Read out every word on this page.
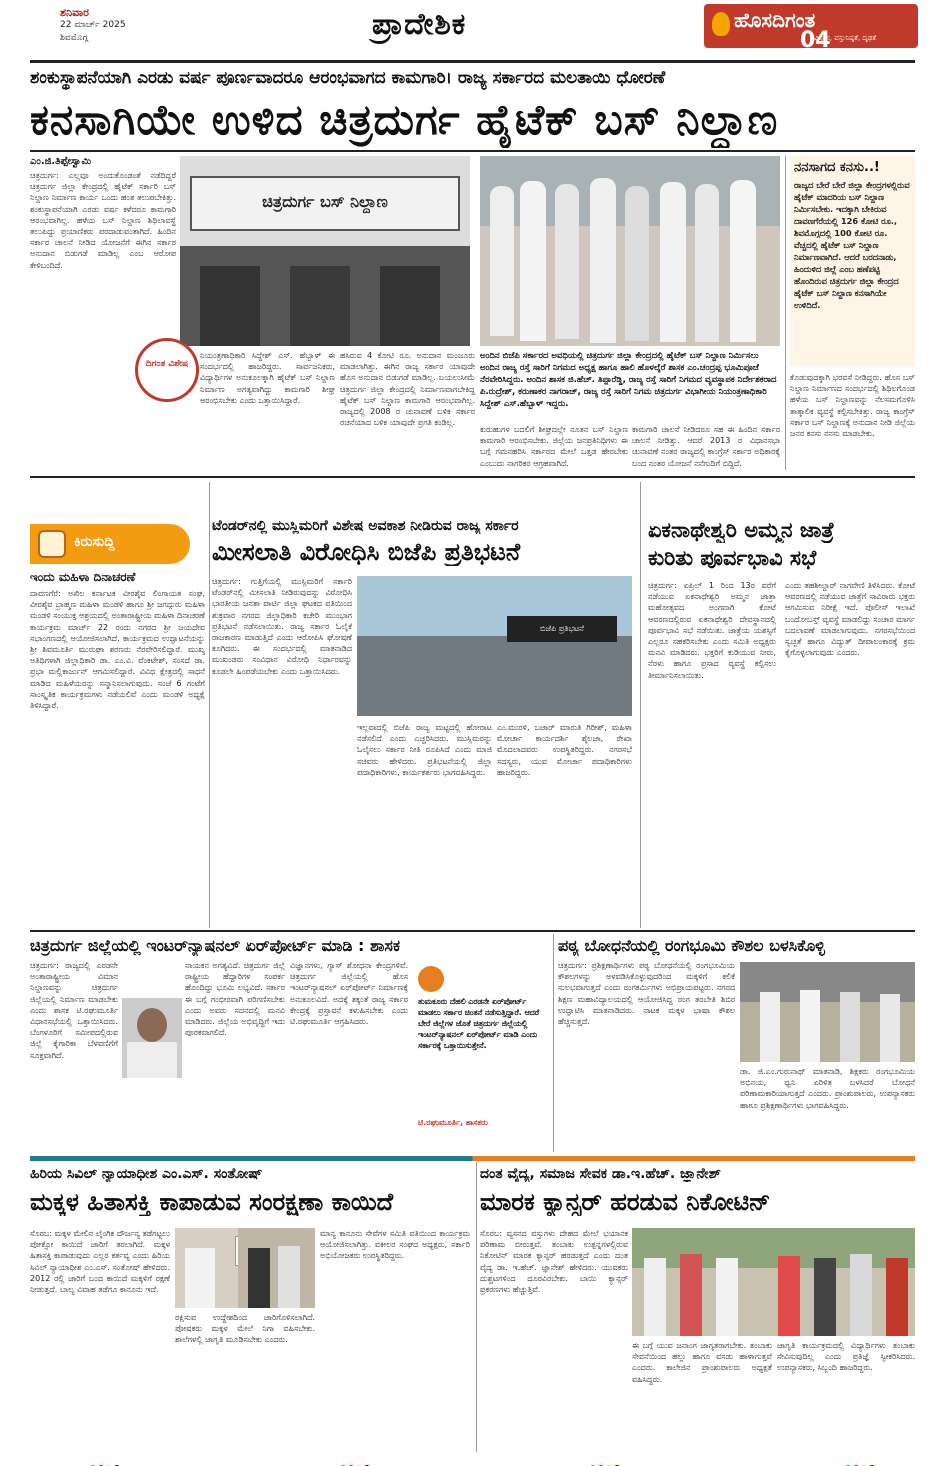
ಶನಿವಾರ
22 ಮಾರ್ಚ್ 2025
ಶಿವಮೊಗ್ಗ	ಪ್ರಾದೇಶಿಕ	ಹೊಸದಿಗಂತ
04
ವಿಶ್ವಾಸ, ವಸ್ತುನಿಷ್ಠತೆ, ದೃಢತೆ
ಶಂಕುಸ್ಥಾಪನೆಯಾಗಿ ಎರಡು ವರ್ಷ ಪೂರ್ಣವಾದರೂ ಆರಂಭವಾಗದ ಕಾಮಗಾರಿ। ರಾಜ್ಯ ಸರ್ಕಾರದ ಮಲತಾಯಿ ಧೋರಣೆ
ಕನಸಾಗಿಯೇ ಉಳಿದ ಚಿತ್ರದುರ್ಗ ಹೈಟೆಕ್ ಬಸ್ ನಿಲ್ದಾಣ
ಎಂ.ಜಿ.ತಿಪ್ಪೇಸ್ವಾಮಿ
ಚಿತ್ರದುರ್ಗ: ಎಲ್ಲವೂ ಅಂದುಕೊಂಡಂತೆ ನಡೆದಿದ್ದರೆ ಚಿತ್ರದುರ್ಗ ಜಿಲ್ಲಾ ಕೇಂದ್ರದಲ್ಲಿ ಹೈಟೆಕ್ ಸರ್ಕಾರಿ ಬಸ್ ನಿಲ್ದಾಣ ನಿರ್ಮಾಣ ಕಾರ್ಯ ಒಂದು ಹಂತ ತಲುಪಬೇಕಿತ್ತು. ಶಂಕುಸ್ಥಾಪನೆಯಾಗಿ ಎರಡು ವರ್ಷ ಕಳೆದರೂ ಕಾಮಗಾರಿ ಆರಂಭವಾಗಿಲ್ಲ. ಹಳೆಯ ಬಸ್ ನಿಲ್ದಾಣ ಶಿಥಿಲಾವಸ್ಥೆ ತಲುಪಿದ್ದು ಪ್ರಯಾಣಿಕರು ಪರದಾಡುವಂತಾಗಿದೆ. ಹಿಂದಿನ ಸರ್ಕಾರ ಚಾಲನೆ ನೀಡಿದ ಯೋಜನೆಗೆ ಈಗಿನ ಸರ್ಕಾರ ಅನುದಾನ ಬಿಡುಗಡೆ ಮಾಡಿಲ್ಲ ಎಂಬ ಆರೋಪ ಕೇಳಿಬಂದಿದೆ.
ಚಿತ್ರದುರ್ಗ ಬಸ್ ನಿಲ್ದಾಣ
ದಿಗಂತ ವಿಶೇಷ
ನಿಯಂತ್ರಣಾಧಿಕಾರಿ ಸಿದ್ದೇಶ್ ಎಸ್. ಹೆಬ್ಬಾಳ್ ಈ ಸಂದರ್ಭದಲ್ಲಿ ಹಾಜರಿದ್ದರು. ಸಾರ್ವಜನಿಕರು, ವಿದ್ಯಾರ್ಥಿಗಳ ಅನುಕೂಲಕ್ಕಾಗಿ ಹೈಟೆಕ್ ಬಸ್ ನಿಲ್ದಾಣ ನಿರ್ಮಾಣ ಅಗತ್ಯವಾಗಿದ್ದು ಕಾಮಗಾರಿ ಶೀಘ್ರ ಆರಂಭಿಸಬೇಕು ಎಂದು ಒತ್ತಾಯಿಸಿದ್ದಾರೆ.
ಹಸಿರುವ 4 ಕೋಟಿ ರೂ. ಅನುದಾನ ಮಂಜೂರು ಮಾಡಲಾಗಿತ್ತು. ಈಗಿನ ರಾಜ್ಯ ಸರ್ಕಾರ ಯಾವುದೇ ಹೊಸ ಅನುದಾನ ಬಿಡುಗಡೆ ಮಾಡಿಲ್ಲ. ಬಯಲುಸೀಮೆ ಚಿತ್ರದುರ್ಗ ಜಿಲ್ಲಾ ಕೇಂದ್ರದಲ್ಲಿ ನಿರ್ಮಾಣವಾಗಬೇಕಿದ್ದ ಹೈಟೆಕ್ ಬಸ್ ನಿಲ್ದಾಣ ಕಾಮಗಾರಿ ಆರಂಭವಾಗಿಲ್ಲ. ರಾಜ್ಯದಲ್ಲಿ 2008 ರ ಚುನಾವಣೆ ಬಳಿಕ ಸರ್ಕಾರ ರಚನೆಯಾದ ಬಳಿಕ ಯಾವುದೇ ಪ್ರಗತಿ ಕಂಡಿಲ್ಲ.
ಅಂದಿನ ಬಿಜೆಪಿ ಸರ್ಕಾರದ ಅವಧಿಯಲ್ಲಿ ಚಿತ್ರದುರ್ಗ ಜಿಲ್ಲಾ ಕೇಂದ್ರದಲ್ಲಿ ಹೈಟೆಕ್ ಬಸ್ ನಿಲ್ದಾಣ ನಿರ್ಮಿಸಲು ಅಂದಿನ ರಾಜ್ಯ ರಸ್ತೆ ಸಾರಿಗೆ ನಿಗಮದ ಅಧ್ಯಕ್ಷ ಹಾಗೂ ಹಾಲಿ ಹೊಳಲ್ಕೆರೆ ಶಾಸಕ ಎಂ.ಚಂದ್ರಪ್ಪ ಭೂಮಿಪೂಜೆ ನೆರವೇರಿಸಿದ್ದರು. ಅಂದಿನ ಶಾಸಕ ಜಿ.ಹೆಚ್. ತಿಪ್ಪಾರೆಡ್ಡಿ, ರಾಜ್ಯ ರಸ್ತೆ ಸಾರಿಗೆ ನಿಗಮದ ವ್ಯವಸ್ಥಾಪಕ ನಿರ್ದೇಶಕರಾದ ಪಿ.ರುದ್ರೇಶ್, ಕರುಣಾಕರ ನಾಗರಾಜ್, ರಾಜ್ಯ ರಸ್ತೆ ಸಾರಿಗೆ ನಿಗಮ ಚಿತ್ರದುರ್ಗ ವಿಭಾಗೀಯ ನಿಯಂತ್ರಣಾಧಿಕಾರಿ ಸಿದ್ದೇಶ್ ಎಸ್.ಹೆಬ್ಬಾಳ್ ಇದ್ದರು.
ಕುರುಹುಗಳ ಬದಲಿಗೆ ಶೀಘ್ರದಲ್ಲೇ ನೂತನ ಬಸ್ ನಿಲ್ದಾಣ ಕಾಮಗಾರಿ ಆರಂಭಿಸಬೇಕು. ಜಿಲ್ಲೆಯ ಜನಪ್ರತಿನಿಧಿಗಳು ಈ ಬಗ್ಗೆ ಗಮನಹರಿಸಿ ಸರ್ಕಾರದ ಮೇಲೆ ಒತ್ತಡ ಹೇರಬೇಕು ಎಂಬುದು ನಾಗರಿಕರ ಆಗ್ರಹವಾಗಿದೆ.
ಕಾಮಗಾರಿ ಚಾಲನೆ ನೀಡಿದರೂ ಸಹ ಈ ಹಿಂದಿನ ಸರ್ಕಾರ ಚಾಲನೆ ನೀಡಿತ್ತು. ಆದರೆ 2013 ರ ವಿಧಾನಸಭಾ ಚುನಾವಣೆ ನಂತರ ರಾಜ್ಯದಲ್ಲಿ ಕಾಂಗ್ರೆಸ್ ಸರ್ಕಾರ ಅಧಿಕಾರಕ್ಕೆ ಬಂದ ನಂತರ ಯೋಜನೆ ನನೆಗುದಿಗೆ ಬಿದ್ದಿದೆ.
ನನಸಾಗದ ಕನಸು..!
ರಾಜ್ಯದ ಬೇರೆ ಬೇರೆ ಜಿಲ್ಲಾ ಕೇಂದ್ರಗಳಲ್ಲಿರುವ ಹೈಟೆಕ್ ಮಾದರಿಯ ಬಸ್ ನಿಲ್ದಾಣ ನಿರ್ಮಿಸಬೇಕು. ಇದಕ್ಕಾಗಿ ಬೇಕಿರುವ ದಾವಣಗೆರೆಯಲ್ಲಿ 126 ಕೋಟಿ ರೂ., ಶಿವಮೊಗ್ಗದಲ್ಲಿ 100 ಕೋಟಿ ರೂ. ವೆಚ್ಚದಲ್ಲಿ ಹೈಟೆಕ್ ಬಸ್ ನಿಲ್ದಾಣ ನಿರ್ಮಾಣವಾಗಿದೆ. ಆದರೆ ಬರದನಾಡು, ಹಿಂದುಳಿದ ಜಿಲ್ಲೆ ಎಂಬ ಹಣೆಪಟ್ಟಿ ಹೊಂದಿರುವ ಚಿತ್ರದುರ್ಗ ಜಿಲ್ಲಾ ಕೇಂದ್ರದ ಹೈಟೆಕ್ ಬಸ್ ನಿಲ್ದಾಣ ಕನಸಾಗಿಯೇ ಉಳಿದಿದೆ.
ಕೊಡುವುದಕ್ಕಾಗಿ ಭರವಸೆ ನೀಡಿದ್ದರು. ಹೊಸ ಬಸ್ ನಿಲ್ದಾಣ ನಿರ್ಮಾಣದ ಸಂದರ್ಭದಲ್ಲಿ ಶಿಥಿಲಗೊಂಡ ಹಳೆಯ ಬಸ್ ನಿಲ್ದಾಣವನ್ನು ನೆಲಸಮಗೊಳಿಸಿ ತಾತ್ಕಾಲಿಕ ವ್ಯವಸ್ಥೆ ಕಲ್ಪಿಸಬೇಕಿತ್ತು. ರಾಜ್ಯ ಕಾಂಗ್ರೆಸ್ ಸರ್ಕಾರ ಬಸ್ ನಿಲ್ದಾಣಕ್ಕೆ ಅನುದಾನ ನೀಡಿ ಜಿಲ್ಲೆಯ ಜನರ ಕನಸು ನನಸು ಮಾಡಬೇಕು.
ಕಿರುಸುದ್ದಿ
ಇಂದು ಮಹಿಳಾ ದಿನಾಚರಣೆ
ದಾವಣಗೆರೆ: ಅಖಿಲ ಕರ್ನಾಟಕ ವೀರಶೈವ ಲಿಂಗಾಯತ ಸಂಘ, ವೀರಶೈವ ಬ್ರಾಹ್ಮಣ ಮಹಿಳಾ ಮಂಡಳಿ ಹಾಗೂ ಶ್ರೀ ಜಗದ್ಗುರು ಮಹಿಳಾ ಮಂಡಳಿ ಸಂಯುಕ್ತ ಆಶ್ರಯದಲ್ಲಿ ಅಂತಾರಾಷ್ಟ್ರೀಯ ಮಹಿಳಾ ದಿನಾಚರಣೆ ಕಾರ್ಯಕ್ರಮ ಮಾರ್ಚ್ 22 ರಂದು ನಗರದ ಶ್ರೀ ಜಯದೇವ ಸಭಾಂಗಣದಲ್ಲಿ ಆಯೋಜಿಸಲಾಗಿದೆ. ಕಾರ್ಯಕ್ರಮದ ಉದ್ಘಾಟನೆಯನ್ನು ಶ್ರೀ ಶಿವಮೂರ್ತಿ ಮುರುಘಾ ಶರಣರು ನೆರವೇರಿಸಲಿದ್ದಾರೆ. ಮುಖ್ಯ ಅತಿಥಿಗಳಾಗಿ ಜಿಲ್ಲಾಧಿಕಾರಿ ಡಾ. ಎಂ.ವಿ. ವೆಂಕಟೇಶ್, ಸಂಸದೆ ಡಾ. ಪ್ರಭಾ ಮಲ್ಲಿಕಾರ್ಜುನ್ ಆಗಮಿಸಲಿದ್ದಾರೆ. ವಿವಿಧ ಕ್ಷೇತ್ರದಲ್ಲಿ ಸಾಧನೆ ಮಾಡಿದ ಮಹಿಳೆಯರನ್ನು ಸನ್ಮಾನಿಸಲಾಗುವುದು. ಸಂಜೆ 6 ಗಂಟೆಗೆ ಸಾಂಸ್ಕೃತಿಕ ಕಾರ್ಯಕ್ರಮಗಳು ನಡೆಯಲಿವೆ ಎಂದು ಮಂಡಳಿ ಅಧ್ಯಕ್ಷೆ ತಿಳಿಸಿದ್ದಾರೆ.
ಟೆಂಡರ್‌ನಲ್ಲಿ ಮುಸ್ಲಿಮರಿಗೆ ವಿಶೇಷ ಅವಕಾಶ ನೀಡಿರುವ ರಾಜ್ಯ ಸರ್ಕಾರ
ಮೀಸಲಾತಿ ವಿರೋಧಿಸಿ ಬಿಜೆಪಿ ಪ್ರತಿಭಟನೆ
ಚಿತ್ರದುರ್ಗ: ಗುತ್ತಿಗೆಯಲ್ಲಿ ಮುಸ್ಲಿಮರಿಗೆ ಸರ್ಕಾರಿ ಟೆಂಡರ್‌ನಲ್ಲಿ ಮೀಸಲಾತಿ ನೀಡಿರುವುದನ್ನು ವಿರೋಧಿಸಿ ಭಾರತೀಯ ಜನತಾ ಪಾರ್ಟಿ ಜಿಲ್ಲಾ ಘಟಕದ ವತಿಯಿಂದ ಶುಕ್ರವಾರ ನಗರದ ಜಿಲ್ಲಾಧಿಕಾರಿ ಕಚೇರಿ ಮುಂಭಾಗ ಪ್ರತಿಭಟನೆ ನಡೆಸಲಾಯಿತು. ರಾಜ್ಯ ಸರ್ಕಾರ ಓಲೈಕೆ ರಾಜಕಾರಣ ಮಾಡುತ್ತಿದೆ ಎಂದು ಆರೋಪಿಸಿ ಘೋಷಣೆ ಕೂಗಿದರು. ಈ ಸಂದರ್ಭದಲ್ಲಿ ಮಾತನಾಡಿದ ಮುಖಂಡರು ಸಂವಿಧಾನ ವಿರೋಧಿ ನಿರ್ಧಾರವನ್ನು ಕೂಡಲೇ ಹಿಂಪಡೆಯಬೇಕು ಎಂದು ಒತ್ತಾಯಿಸಿದರು.
ಬಿಜೆಪಿ ಪ್ರತಿಭಟನೆ
ಇಲ್ಲವಾದಲ್ಲಿ ಬಿಜೆಪಿ ರಾಜ್ಯ ಮಟ್ಟದಲ್ಲಿ ಹೋರಾಟ ನಡೆಸಲಿದೆ ಎಂದು ಎಚ್ಚರಿಸಿದರು. ಮುಸ್ಲಿಮರನ್ನು ಓಲೈಸಲು ಸರ್ಕಾರ ನೀತಿ ರೂಪಿಸಿದೆ ಎಂದು ಮಾಜಿ ಸಚಿವರು ಹೇಳಿದರು. ಪ್ರತಿಭಟನೆಯಲ್ಲಿ ಜಿಲ್ಲಾ ಪದಾಧಿಕಾರಿಗಳು, ಕಾರ್ಯಕರ್ತರು ಭಾಗವಹಿಸಿದ್ದರು.
ಎಂ.ಮುರಳಿ, ಬಜಾರ್ ಮಾರುತಿ ಗಿರೀಶ್, ಮಹಿಳಾ ಮೋರ್ಚಾ ಕಾರ್ಯದರ್ಶಿ ಶೈಲಜಾ, ರೇಖಾ ಮೊದಲಾದವರು ಉಪಸ್ಥಿತರಿದ್ದರು. ನಗರಸಭೆ ಸದಸ್ಯರು, ಯುವ ಮೋರ್ಚಾ ಪದಾಧಿಕಾರಿಗಳು ಹಾಜರಿದ್ದರು.
ಏಕನಾಥೇಶ್ವರಿ ಅಮ್ಮನ ಜಾತ್ರೆ
ಕುರಿತು ಪೂರ್ವಭಾವಿ ಸಭೆ
ಚಿತ್ರದುರ್ಗ: ಏಪ್ರಿಲ್ 1 ರಿಂದ 13ರ ವರೆಗೆ ನಡೆಯುವ ಏಕನಾಥೇಶ್ವರಿ ಅಮ್ಮನ ಜಾತ್ರಾ ಮಹೋತ್ಸವದ ಅಂಗವಾಗಿ ಕೋಟೆ ಆವರಣದಲ್ಲಿರುವ ಏಕನಾಥೇಶ್ವರಿ ದೇವಸ್ಥಾನದಲ್ಲಿ ಪೂರ್ವಭಾವಿ ಸಭೆ ನಡೆಯಿತು. ಜಾತ್ರೆಯ ಯಶಸ್ಸಿಗೆ ಎಲ್ಲರೂ ಸಹಕರಿಸಬೇಕು ಎಂದು ಸಮಿತಿ ಅಧ್ಯಕ್ಷರು ಮನವಿ ಮಾಡಿದರು. ಭಕ್ತರಿಗೆ ಕುಡಿಯುವ ನೀರು, ನೆರಳು ಹಾಗೂ ಪ್ರಸಾದ ವ್ಯವಸ್ಥೆ ಕಲ್ಪಿಸಲು ತೀರ್ಮಾನಿಸಲಾಯಿತು.
ಎಂದು ತಹಶೀಲ್ದಾರ್ ನಾಗವೇಣಿ ತಿಳಿಸಿದರು. ಕೋಟೆ ಆವರಣದಲ್ಲಿ ನಡೆಯುವ ಜಾತ್ರೆಗೆ ಸಾವಿರಾರು ಭಕ್ತರು ಆಗಮಿಸುವ ನಿರೀಕ್ಷೆ ಇದೆ. ಪೊಲೀಸ್ ಇಲಾಖೆ ಬಂದೋಬಸ್ತ್ ವ್ಯವಸ್ಥೆ ಮಾಡಲಿದ್ದು ಸಂಚಾರ ಮಾರ್ಗ ಬದಲಾವಣೆ ಮಾಡಲಾಗುವುದು. ನಗರಸಭೆಯಿಂದ ಸ್ವಚ್ಛತೆ ಹಾಗೂ ವಿದ್ಯುತ್ ದೀಪಾಲಂಕಾರಕ್ಕೆ ಕ್ರಮ ಕೈಗೊಳ್ಳಲಾಗುವುದು ಎಂದರು.
ಚಿತ್ರದುರ್ಗ ಜಿಲ್ಲೆಯಲ್ಲಿ ಇಂಟರ್‌ನ್ಯಾಷನಲ್ ಏರ್‌ಪೋರ್ಟ್ ಮಾಡಿ : ಶಾಸಕ
ಚಿತ್ರದುರ್ಗ: ರಾಜ್ಯದಲ್ಲಿ ಎರಡನೇ ಅಂತಾರಾಷ್ಟ್ರೀಯ ವಿಮಾನ ನಿಲ್ದಾಣವನ್ನು ಚಿತ್ರದುರ್ಗ ಜಿಲ್ಲೆಯಲ್ಲಿ ನಿರ್ಮಾಣ ಮಾಡಬೇಕು ಎಂದು ಶಾಸಕ ಟಿ.ರಘುಮೂರ್ತಿ ವಿಧಾನಸಭೆಯಲ್ಲಿ ಒತ್ತಾಯಿಸಿದರು. ಬೆಂಗಳೂರಿಗೆ ಸಮೀಪದಲ್ಲಿರುವ ಜಿಲ್ಲೆ ಕೈಗಾರಿಕಾ ಬೆಳವಣಿಗೆಗೆ ಸೂಕ್ತವಾಗಿದೆ.
ನಾಯಕನ ಅಗತ್ಯವಿದೆ. ಚಿತ್ರದುರ್ಗ ಜಿಲ್ಲೆ ರಾಷ್ಟ್ರೀಯ ಹೆದ್ದಾರಿಗಳ ಸಂಪರ್ಕ ಹೊಂದಿದ್ದು ಭೂಮಿ ಲಭ್ಯವಿದೆ. ಸರ್ಕಾರ ಈ ಬಗ್ಗೆ ಗಂಭೀರವಾಗಿ ಪರಿಗಣಿಸಬೇಕು ಎಂದು ಅವರು ಸದನದಲ್ಲಿ ಮನವಿ ಮಾಡಿದರು. ಜಿಲ್ಲೆಯ ಅಭಿವೃದ್ಧಿಗೆ ಇದು ಪೂರಕವಾಗಲಿದೆ.
ವಿಜ್ಞಾನಗಳು, ಗ್ಯಾಸ್ ಶೋಧನಾ ಕೇಂದ್ರಗಳಿವೆ. ಚಿತ್ರದುರ್ಗ ಜಿಲ್ಲೆಯಲ್ಲಿ ಹೊಸ ಇಂಟರ್‌ನ್ಯಾಷನಲ್ ಏರ್‌ಪೋರ್ಟ್ ನಿರ್ಮಾಣಕ್ಕೆ ಅನುಕೂಲವಿದೆ. ಅದಕ್ಕೆ ತಕ್ಕಂತೆ ರಾಜ್ಯ ಸರ್ಕಾರ ಕೇಂದ್ರಕ್ಕೆ ಪ್ರಸ್ತಾವನೆ ಕಳುಹಿಸಬೇಕು ಎಂದು ಟಿ.ರಘುಮೂರ್ತಿ ಆಗ್ರಹಿಸಿದರು.
ತುಮಕೂರು ದೆಹಲಿ ಎರಡನೇ ಏರ್‌ಪೋರ್ಟ್ ಮಾಡಲು ಸರ್ಕಾರ ಚಿಂತನೆ ನಡೆಸುತ್ತಿದ್ದಾರೆ. ಆದರೆ ಬೇರೆ ಜಿಲ್ಲೆಗಳ ಜೊತೆ ಚಿತ್ರದುರ್ಗ ಜಿಲ್ಲೆಯಲ್ಲಿ ಇಂಟರ್‌ನ್ಯಾಷನಲ್ ಏರ್‌ಪೋರ್ಟ್ ಮಾಡಿ ಎಂದು ಸರ್ಕಾರಕ್ಕೆ ಒತ್ತಾಯಿಸುತ್ತೇನೆ.
ಟಿ.ರಘುಮೂರ್ತಿ, ಶಾಸಕರು
ಪಠ್ಯ ಬೋಧನೆಯಲ್ಲಿ ರಂಗಭೂಮಿ ಕೌಶಲ ಬಳಸಿಕೊಳ್ಳಿ
ಚಿತ್ರದುರ್ಗ: ಪ್ರಶಿಕ್ಷಣಾರ್ಥಿಗಳು ಪಠ್ಯ ಬೋಧನೆಯಲ್ಲಿ ರಂಗಭೂಮಿಯ ಕೌಶಲಗಳನ್ನು ಅಳವಡಿಸಿಕೊಳ್ಳುವುದರಿಂದ ಮಕ್ಕಳಿಗೆ ಕಲಿಕೆ ಸುಲಭವಾಗುತ್ತದೆ ಎಂದು ರಂಗಕರ್ಮಿಗಳು ಅಭಿಪ್ರಾಯಪಟ್ಟರು. ನಗರದ ಶಿಕ್ಷಣ ಮಹಾವಿದ್ಯಾಲಯದಲ್ಲಿ ಆಯೋಜಿಸಿದ್ದ ರಂಗ ತರಬೇತಿ ಶಿಬಿರ ಉದ್ಘಾಟಿಸಿ ಮಾತನಾಡಿದರು. ನಾಟಕ ಮಕ್ಕಳ ಭಾಷಾ ಕೌಶಲ ಹೆಚ್ಚಿಸುತ್ತದೆ.
ಡಾ. ಜಿ.ಎಂ.ಗುರುನಾಥ್ ಮಾತನಾಡಿ, ಶಿಕ್ಷಕರು ರಂಗಭೂಮಿಯ ಅಭಿನಯ, ಧ್ವನಿ ಏರಿಳಿತ ಬಳಸಿದರೆ ಬೋಧನೆ ಪರಿಣಾಮಕಾರಿಯಾಗುತ್ತದೆ ಎಂದರು. ಪ್ರಾಂಶುಪಾಲರು, ಉಪನ್ಯಾಸಕರು ಹಾಗೂ ಪ್ರಶಿಕ್ಷಣಾರ್ಥಿಗಳು ಭಾಗವಹಿಸಿದ್ದರು.
ಹಿರಿಯ ಸಿವಿಲ್ ನ್ಯಾಯಾಧೀಶ ಎಂ.ಎಸ್. ಸಂತೋಷ್
ಮಕ್ಕಳ ಹಿತಾಸಕ್ತಿ ಕಾಪಾಡುವ ಸಂರಕ್ಷಣಾ ಕಾಯಿದೆ
ಸೊರಬ: ಮಕ್ಕಳ ಮೇಲಿನ ಲೈಂಗಿಕ ದೌರ್ಜನ್ಯ ತಡೆಗಟ್ಟಲು ಪೋಕ್ಸೋ ಕಾಯಿದೆ ಜಾರಿಗೆ ತರಲಾಗಿದೆ. ಮಕ್ಕಳ ಹಿತಾಸಕ್ತಿ ಕಾಪಾಡುವುದು ಎಲ್ಲರ ಕರ್ತವ್ಯ ಎಂದು ಹಿರಿಯ ಸಿವಿಲ್ ನ್ಯಾಯಾಧೀಶ ಎಂ.ಎಸ್. ಸಂತೋಷ್ ಹೇಳಿದರು. 2012 ರಲ್ಲಿ ಜಾರಿಗೆ ಬಂದ ಕಾಯಿದೆ ಮಕ್ಕಳಿಗೆ ರಕ್ಷಣೆ ನೀಡುತ್ತದೆ. ಬಾಲ್ಯ ವಿವಾಹ ತಡೆಗೂ ಕಾನೂನು ಇದೆ.
ರಕ್ಷಿಸುವ ಉದ್ದೇಶದಿಂದ ಜಾರಿಗೊಳಿಸಲಾಗಿದೆ. ಪೋಷಕರು ಮಕ್ಕಳ ಮೇಲೆ ನಿಗಾ ವಹಿಸಬೇಕು. ಶಾಲೆಗಳಲ್ಲಿ ಜಾಗೃತಿ ಮೂಡಿಸಬೇಕು ಎಂದರು.
ಮಾನ್ಯ ಕಾನೂನು ಸೇವೆಗಳ ಸಮಿತಿ ವತಿಯಿಂದ ಕಾರ್ಯಕ್ರಮ ಆಯೋಜಿಸಲಾಗಿತ್ತು. ವಕೀಲರ ಸಂಘದ ಅಧ್ಯಕ್ಷರು, ಸರ್ಕಾರಿ ಅಭಿಯೋಜಕರು ಉಪಸ್ಥಿತರಿದ್ದರು.
ದಂತ ವೈದ್ಯ, ಸಮಾಜ ಸೇವಕ ಡಾ.ಇ.ಹೆಚ್. ಜ್ಞಾನೇಶ್
ಮಾರಕ ಕ್ಯಾನ್ಸರ್ ಹರಡುವ ನಿಕೋಟಿನ್
ಸೊರಬ: ವ್ಯಸನದ ವಸ್ತುಗಳು ದೇಹದ ಮೇಲೆ ಭಯಾನಕ ಪರಿಣಾಮ ಬೀರುತ್ತವೆ. ತಂಬಾಕು ಉತ್ಪನ್ನಗಳಲ್ಲಿರುವ ನಿಕೋಟಿನ್ ಮಾರಕ ಕ್ಯಾನ್ಸರ್ ಹರಡುತ್ತದೆ ಎಂದು ದಂತ ವೈದ್ಯ ಡಾ. ಇ.ಹೆಚ್. ಜ್ಞಾನೇಶ್ ಹೇಳಿದರು. ಯುವಕರು ದುಶ್ಚಟಗಳಿಂದ ದೂರವಿರಬೇಕು. ಬಾಯಿ ಕ್ಯಾನ್ಸರ್ ಪ್ರಕರಣಗಳು ಹೆಚ್ಚುತ್ತಿವೆ.
ಈ ಬಗ್ಗೆ ಯುವ ಜನಾಂಗ ಜಾಗೃತರಾಗಬೇಕು. ತಂಬಾಕು ಸೇವನೆಯಿಂದ ಹಲ್ಲು ಹಾಗೂ ವಸಡು ಹಾಳಾಗುತ್ತವೆ ಎಂದರು. ಕಾಲೇಜಿನ ಪ್ರಾಂಶುಪಾಲರು ಅಧ್ಯಕ್ಷತೆ ವಹಿಸಿದ್ದರು.
ಜಾಗೃತಿ ಕಾರ್ಯಕ್ರಮದಲ್ಲಿ ವಿದ್ಯಾರ್ಥಿಗಳು ತಂಬಾಕು ಸೇವಿಸುವುದಿಲ್ಲ ಎಂದು ಪ್ರತಿಜ್ಞೆ ಸ್ವೀಕರಿಸಿದರು. ಉಪನ್ಯಾಸಕರು, ಸಿಬ್ಬಂದಿ ಹಾಜರಿದ್ದರು.
